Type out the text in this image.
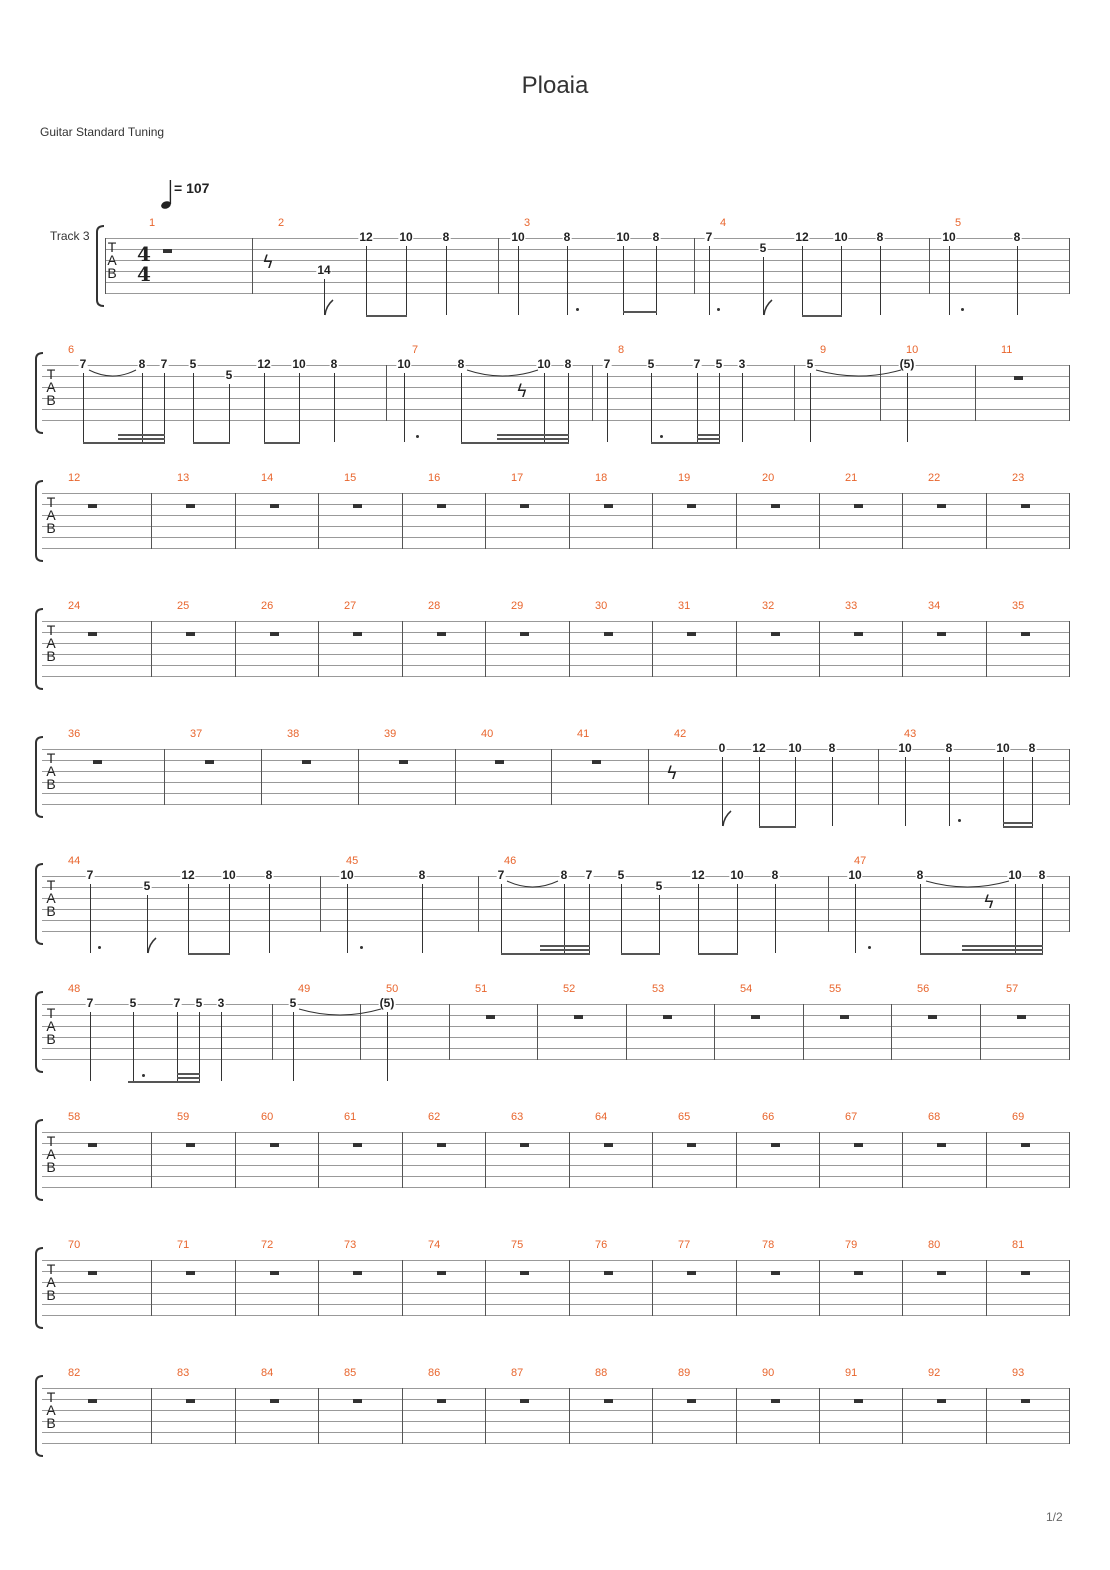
Ploaia
Guitar Standard Tuning
Track 3
= 107
T
A
B
1	2	3	4	5
T
A
B
6	7	8	9	10	11
T
A
B
12	13	14	15	16	17	18	19	20	21	22	23
T
A
B
24	25	26	27	28	29	30	31	32	33	34	35
T
A
B
36	37	38	39	40	41	42	43
T
A
B
44	45	46	47
T
A
B
48	49	50	51	52	53	54	55	56	57
T
A
B
58	59	60	61	62	63	64	65	66	67	68	69
T
A
B
70	71	72	73	74	75	76	77	78	79	80	81
T
A
B
82	83	84	85	86	87	88	89	90	91	92	93
4
4	14
12 10 8	10	8	10 8	7
5
12 10 8	10	8
7	8 7 5
5
12 10 8	10	8	10 8	7	5	7 5 3	5	(5)
0 12 10 8	10	8	10 8
7
5
12 10 8	10	8	7	8 7 5
5
12 10 8	10	8	10 8
7	5	7 5 3	5	(5)
ϟ
ϟ
ϟ
ϟ
1/2
